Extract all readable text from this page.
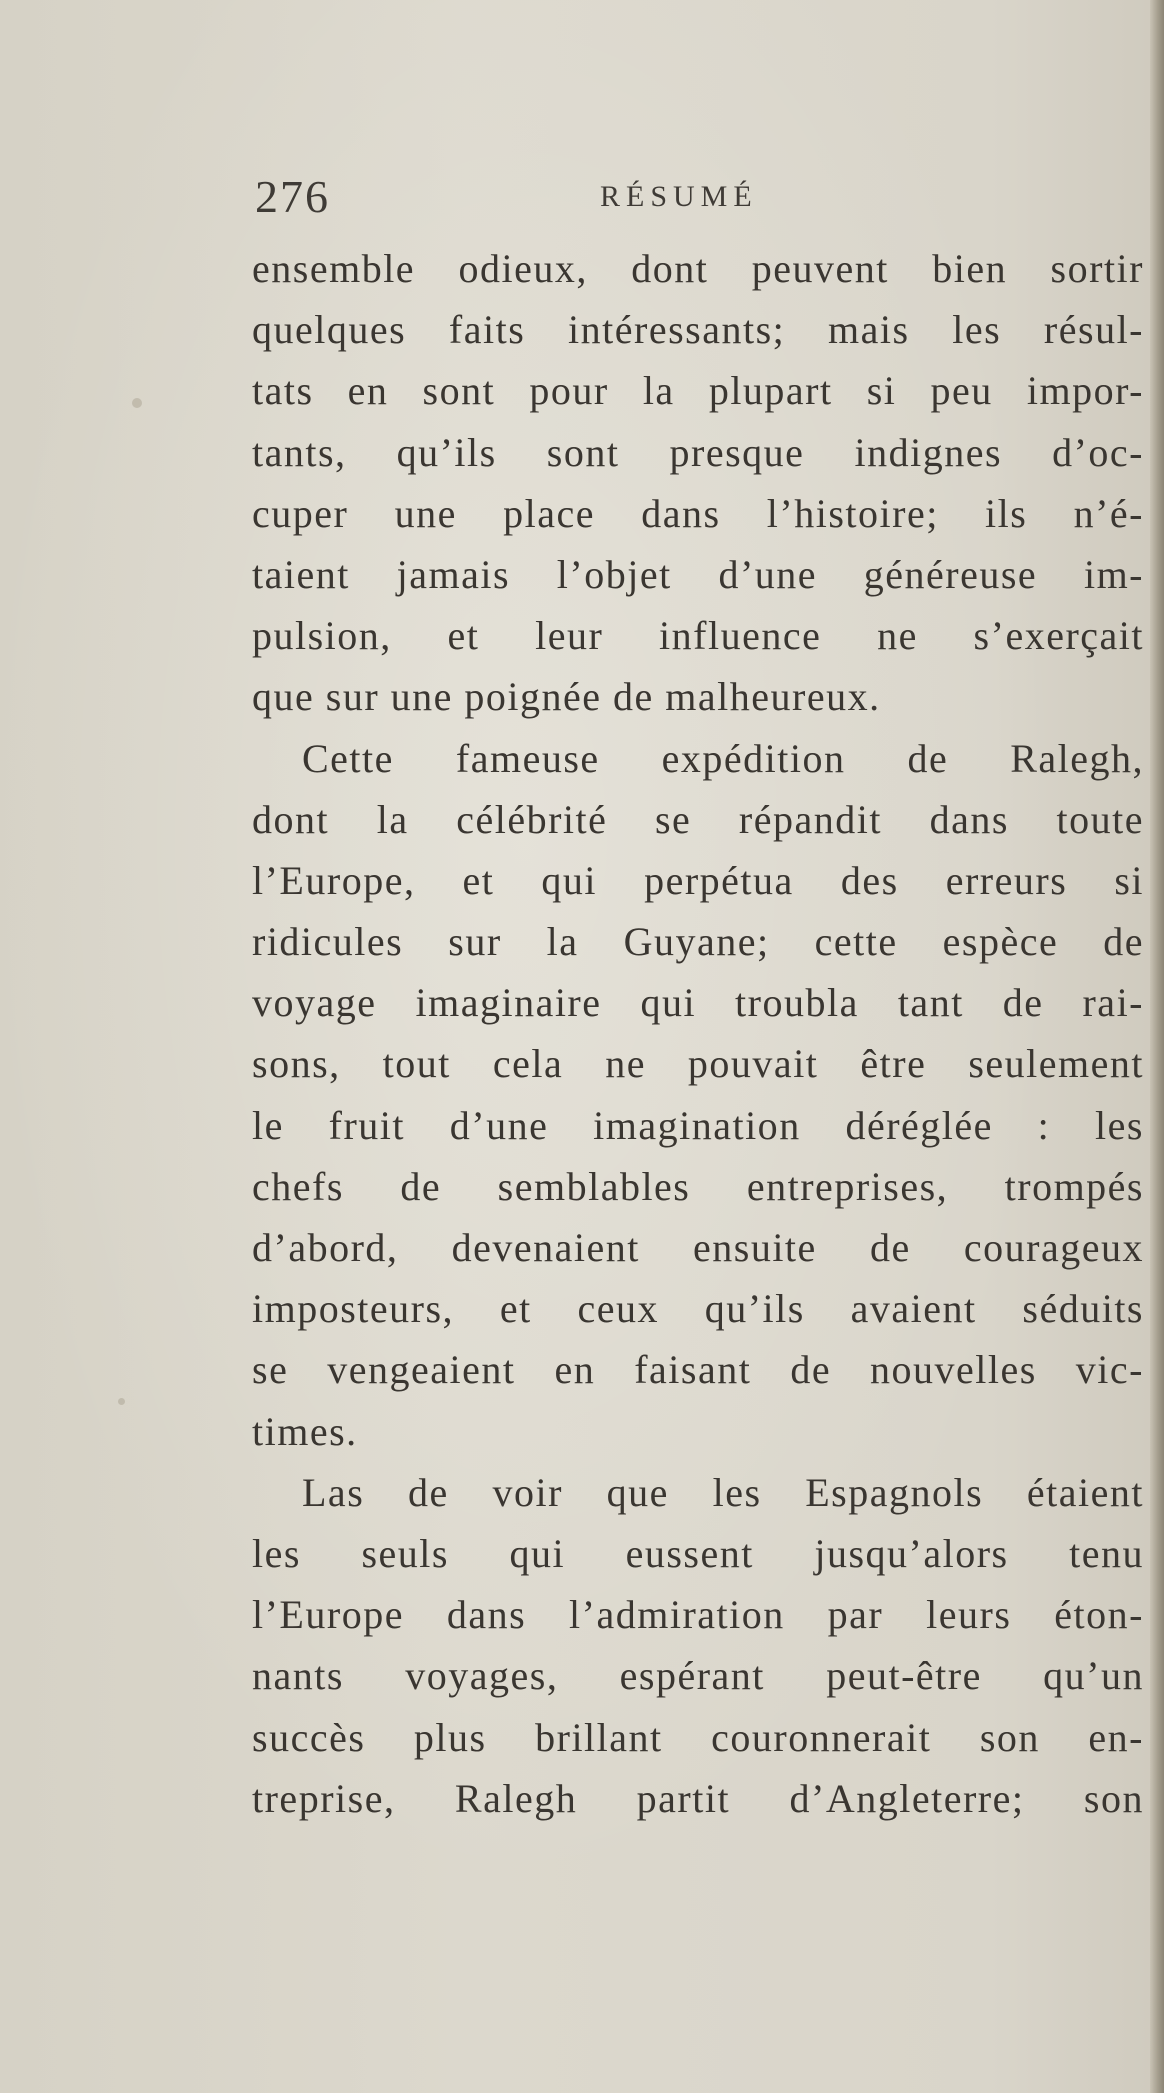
276	RÉSUMÉ
ensemble odieux, dont peuvent bien sortir
quelques faits intéressants; mais les résul-
tats en sont pour la plupart si peu impor-
tants, qu’ils sont presque indignes d’oc-
cuper une place dans l’histoire; ils n’é-
taient jamais l’objet d’une généreuse im-
pulsion, et leur influence ne s’exerçait
que sur une poignée de malheureux.
Cette fameuse expédition de Ralegh,
dont la célébrité se répandit dans toute
l’Europe, et qui perpétua des erreurs si
ridicules sur la Guyane; cette espèce de
voyage imaginaire qui troubla tant de rai-
sons, tout cela ne pouvait être seulement
le fruit d’une imagination déréglée : les
chefs de semblables entreprises, trompés
d’abord, devenaient ensuite de courageux
imposteurs, et ceux qu’ils avaient séduits
se vengeaient en faisant de nouvelles vic-
times.
Las de voir que les Espagnols étaient
les seuls qui eussent jusqu’alors tenu
l’Europe dans l’admiration par leurs éton-
nants voyages, espérant peut-être qu’un
succès plus brillant couronnerait son en-
treprise, Ralegh partit d’Angleterre; son
